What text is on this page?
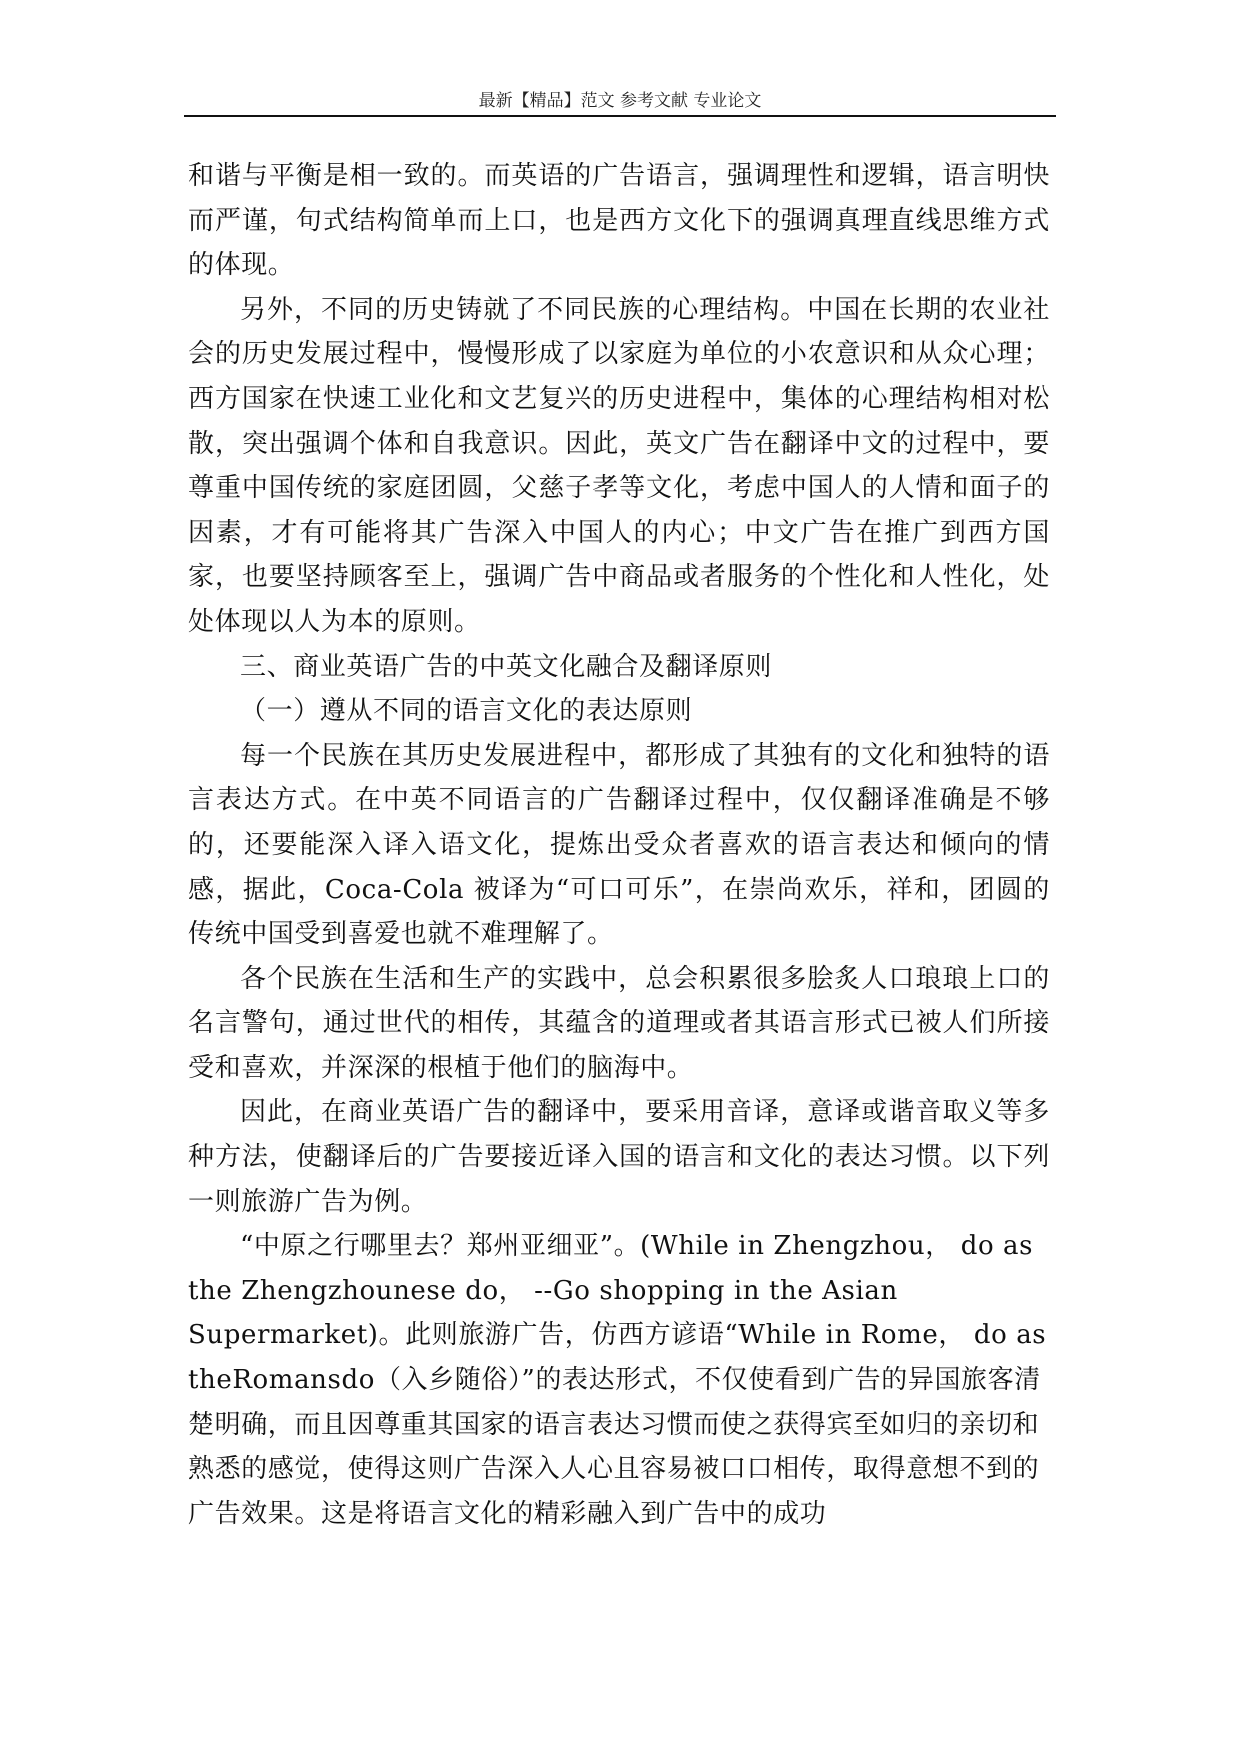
最新【精品】范文 参考文献 专业论文

和谐与平衡是相一致的。而英语的广告语言，强调理性和逻辑，语言明快而严谨，句式结构简单而上口，也是西方文化下的强调真理直线思维方式的体现。

另外，不同的历史铸就了不同民族的心理结构。中国在长期的农业社会的历史发展过程中，慢慢形成了以家庭为单位的小农意识和从众心理；西方国家在快速工业化和文艺复兴的历史进程中，集体的心理结构相对松散，突出强调个体和自我意识。因此，英文广告在翻译中文的过程中，要尊重中国传统的家庭团圆，父慈子孝等文化，考虑中国人的人情和面子的因素，才有可能将其广告深入中国人的内心；中文广告在推广到西方国家，也要坚持顾客至上，强调广告中商品或者服务的个性化和人性化，处处体现以人为本的原则。

三、商业英语广告的中英文化融合及翻译原则

（一）遵从不同的语言文化的表达原则

每一个民族在其历史发展进程中，都形成了其独有的文化和独特的语言表达方式。在中英不同语言的广告翻译过程中，仅仅翻译准确是不够的，还要能深入译入语文化，提炼出受众者喜欢的语言表达和倾向的情感，据此，Coca-Cola 被译为“可口可乐”，在崇尚欢乐，祥和，团圆的传统中国受到喜爱也就不难理解了。

各个民族在生活和生产的实践中，总会积累很多脍炙人口琅琅上口的名言警句，通过世代的相传，其蕴含的道理或者其语言形式已被人们所接受和喜欢，并深深的根植于他们的脑海中。

因此，在商业英语广告的翻译中，要采用音译，意译或谐音取义等多种方法，使翻译后的广告要接近译入国的语言和文化的表达习惯。以下列一则旅游广告为例。

“中原之行哪里去？郑州亚细亚”。(While in Zhengzhou， do as the Zhengzhounese do， --Go shopping in the Asian Supermarket)。此则旅游广告，仿西方谚语“While in Rome， do as theRomansdo（入乡随俗）”的表达形式，不仅使看到广告的异国旅客清楚明确，而且因尊重其国家的语言表达习惯而使之获得宾至如归的亲切和熟悉的感觉，使得这则广告深入人心且容易被口口相传，取得意想不到的广告效果。这是将语言文化的精彩融入到广告中的成功
